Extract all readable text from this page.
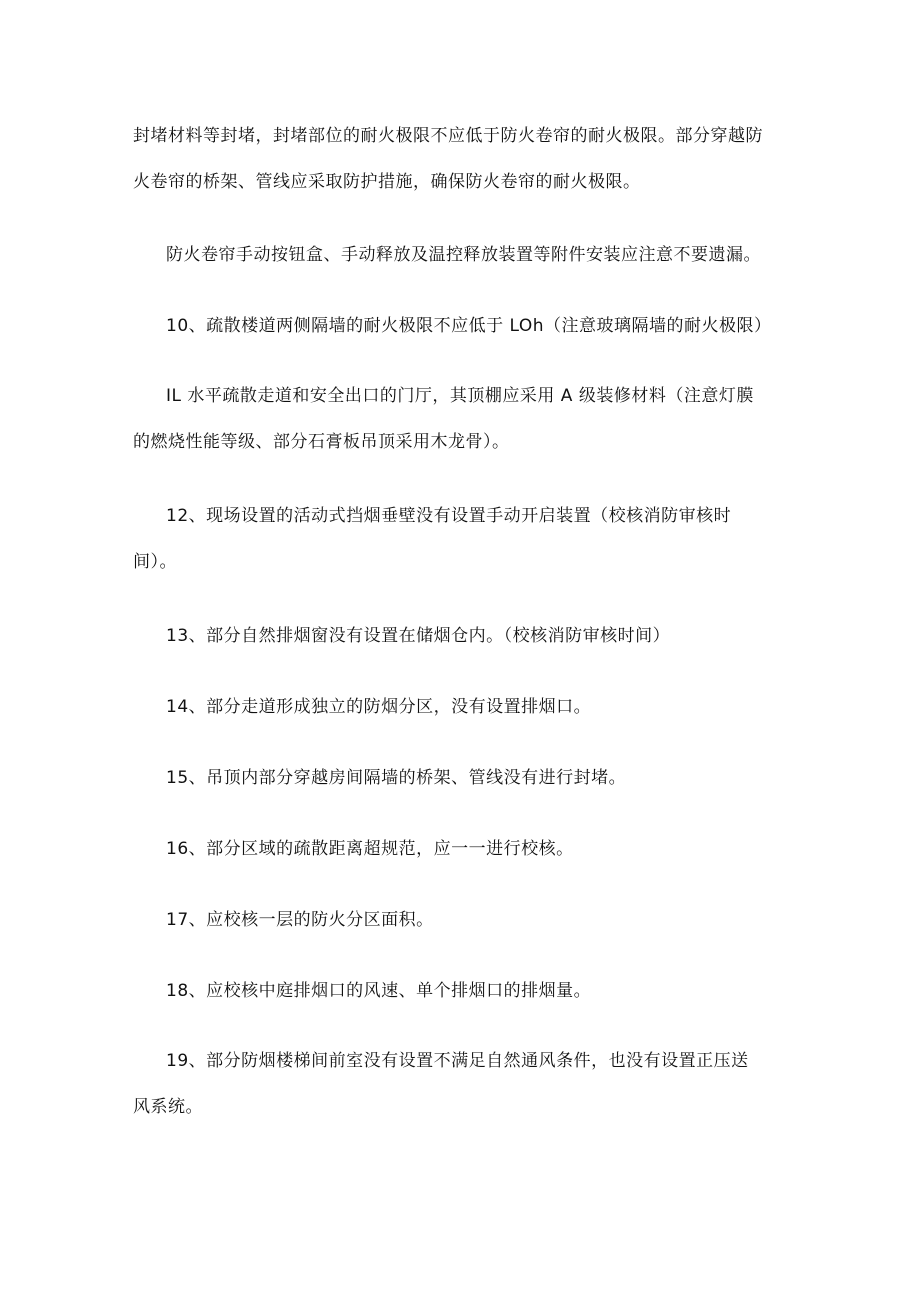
封堵材料等封堵，封堵部位的耐火极限不应低于防火卷帘的耐火极限。部分穿越防
火卷帘的桥架、管线应采取防护措施，确保防火卷帘的耐火极限。

防火卷帘手动按钮盒、手动释放及温控释放装置等附件安装应注意不要遗漏。

10、疏散楼道两侧隔墙的耐火极限不应低于 LOh（注意玻璃隔墙的耐火极限）

IL 水平疏散走道和安全出口的门厅，其顶棚应采用 A 级装修材料（注意灯膜
的燃烧性能等级、部分石膏板吊顶采用木龙骨）。

12、现场设置的活动式挡烟垂壁没有设置手动开启装置（校核消防审核时
间）。

13、部分自然排烟窗没有设置在储烟仓内。（校核消防审核时间）

14、部分走道形成独立的防烟分区，没有设置排烟口。

15、吊顶内部分穿越房间隔墙的桥架、管线没有进行封堵。

16、部分区域的疏散距离超规范，应一一进行校核。

17、应校核一层的防火分区面积。

18、应校核中庭排烟口的风速、单个排烟口的排烟量。

19、部分防烟楼梯间前室没有设置不满足自然通风条件，也没有设置正压送
风系统。
